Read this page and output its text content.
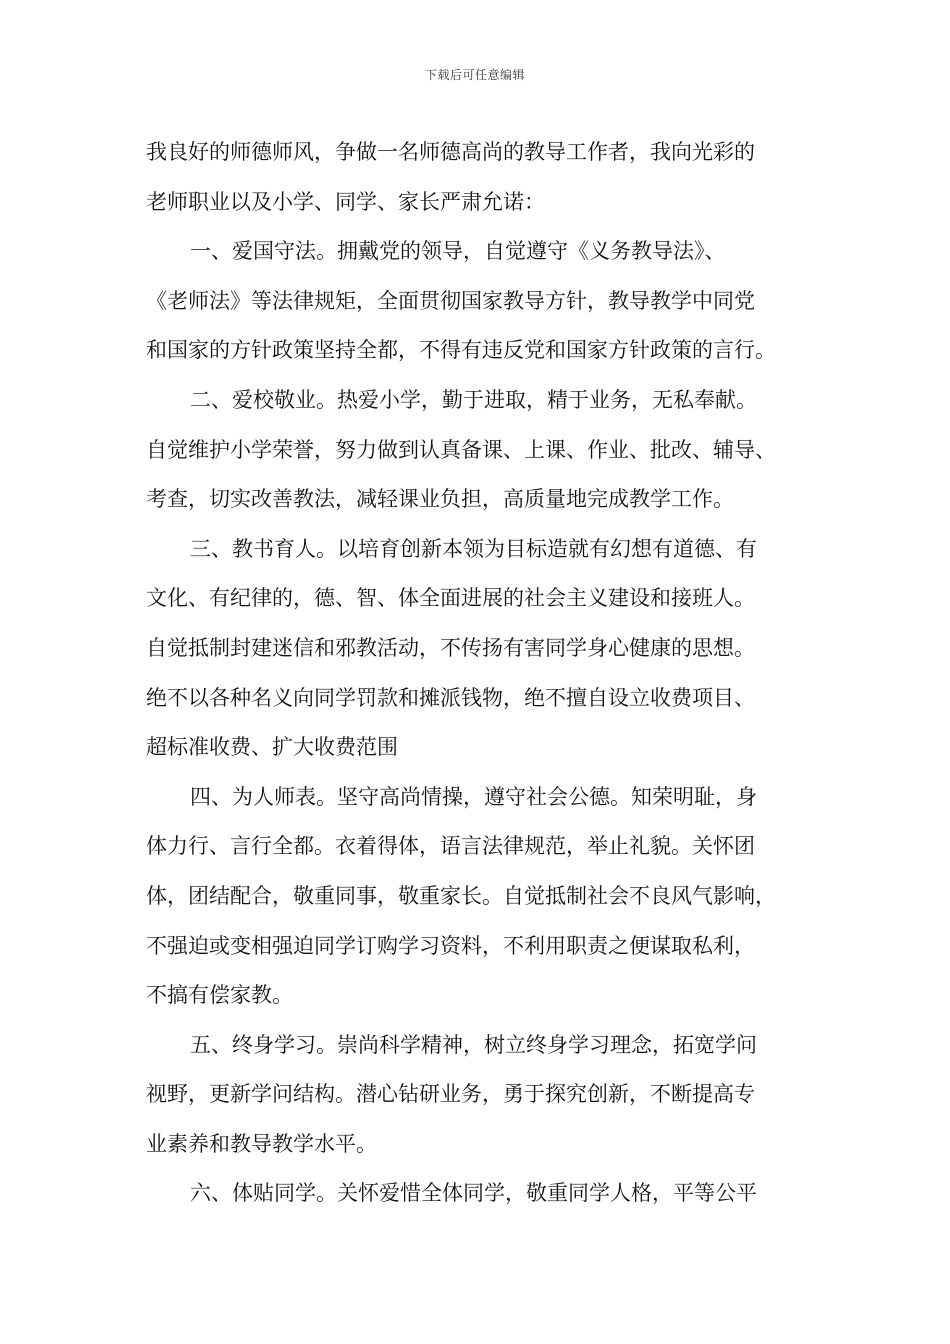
下载后可任意编辑
我良好的师德师风，争做一名师德高尚的教导工作者，我向光彩的
老师职业以及小学、同学、家长严肃允诺：
一、爱国守法。拥戴党的领导，自觉遵守《义务教导法》、
《老师法》等法律规矩，全面贯彻国家教导方针，教导教学中同党
和国家的方针政策坚持全都，不得有违反党和国家方针政策的言行。
二、爱校敬业。热爱小学，勤于进取，精于业务，无私奉献。
自觉维护小学荣誉，努力做到认真备课、上课、作业、批改、辅导、
考查，切实改善教法，减轻课业负担，高质量地完成教学工作。
三、教书育人。以培育创新本领为目标造就有幻想有道德、有
文化、有纪律的，德、智、体全面进展的社会主义建设和接班人。
自觉抵制封建迷信和邪教活动，不传扬有害同学身心健康的思想。
绝不以各种名义向同学罚款和摊派钱物，绝不擅自设立收费项目、
超标准收费、扩大收费范围
四、为人师表。坚守高尚情操，遵守社会公德。知荣明耻，身
体力行、言行全都。衣着得体，语言法律规范，举止礼貌。关怀团
体，团结配合，敬重同事，敬重家长。自觉抵制社会不良风气影响，
不强迫或变相强迫同学订购学习资料，不利用职责之便谋取私利，
不搞有偿家教。
五、终身学习。崇尚科学精神，树立终身学习理念，拓宽学问
视野，更新学问结构。潜心钻研业务，勇于探究创新，不断提高专
业素养和教导教学水平。
六、体贴同学。关怀爱惜全体同学，敬重同学人格，平等公平
